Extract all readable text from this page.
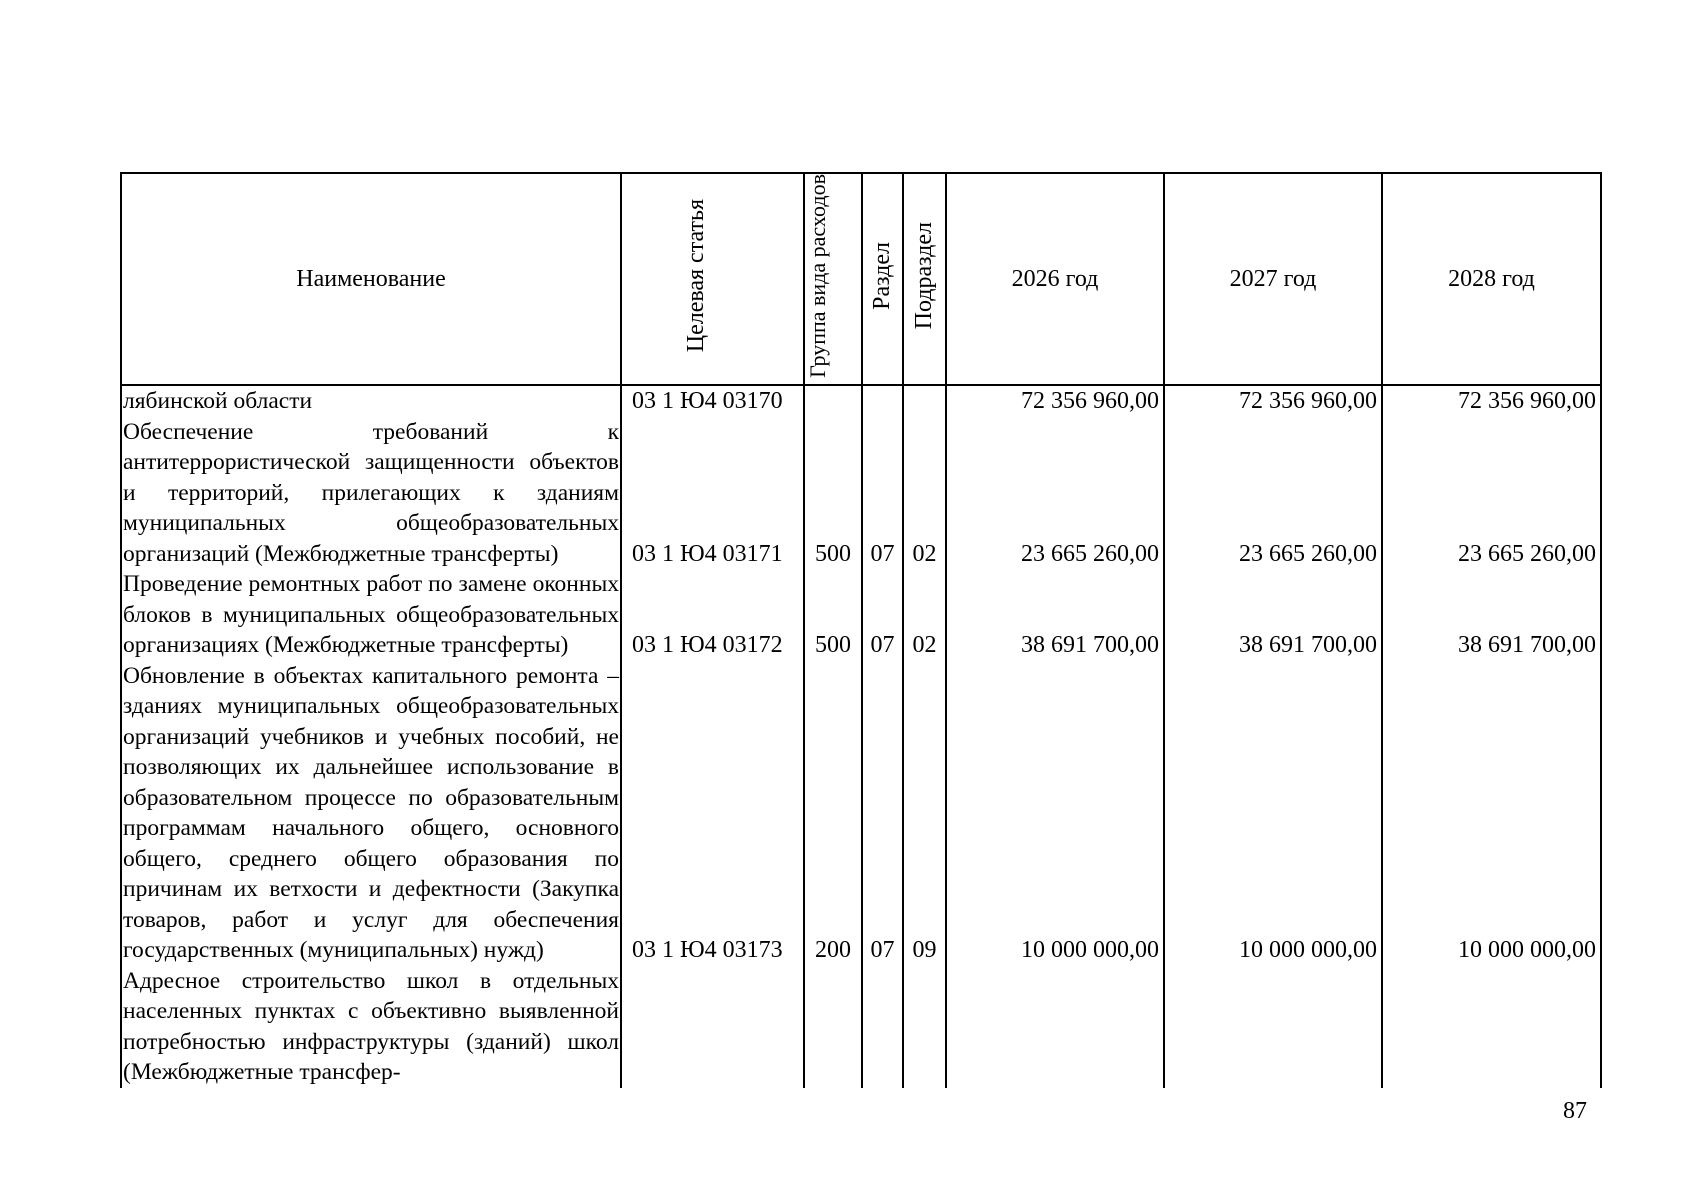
Наименование	Целевая статья	Группа вида расходов	Раздел	Подраздел	2026 год	2027 год	2028 год
лябинской области	03 1 Ю4 03170				72 356 960,00	72 356 960,00	72 356 960,00
Обеспечение требований к антитеррористической защищенности объектов и территорий, прилегающих к зданиям муниципальных общеобразовательных организаций (Межбюджетные трансферты)	03 1 Ю4 03171	500	07	02	23 665 260,00	23 665 260,00	23 665 260,00
Проведение ремонтных работ по замене оконных блоков в муниципальных общеобразовательных организациях (Межбюджетные трансферты)	03 1 Ю4 03172	500	07	02	38 691 700,00	38 691 700,00	38 691 700,00
Обновление в объектах капитального ремонта – зданиях муниципальных общеобразовательных организаций учебников и учебных пособий, не позволяющих их дальнейшее использование в образовательном процессе по образовательным программам начального общего, основного общего, среднего общего образования по причинам их ветхости и дефектности (Закупка товаров, работ и услуг для обеспечения государственных (муниципальных) нужд)	03 1 Ю4 03173	200	07	09	10 000 000,00	10 000 000,00	10 000 000,00
Адресное строительство школ в отдельных населенных пунктах с объективно выявленной потребностью инфраструктуры (зданий) школ (Межбюджетные трансфер-							
87
